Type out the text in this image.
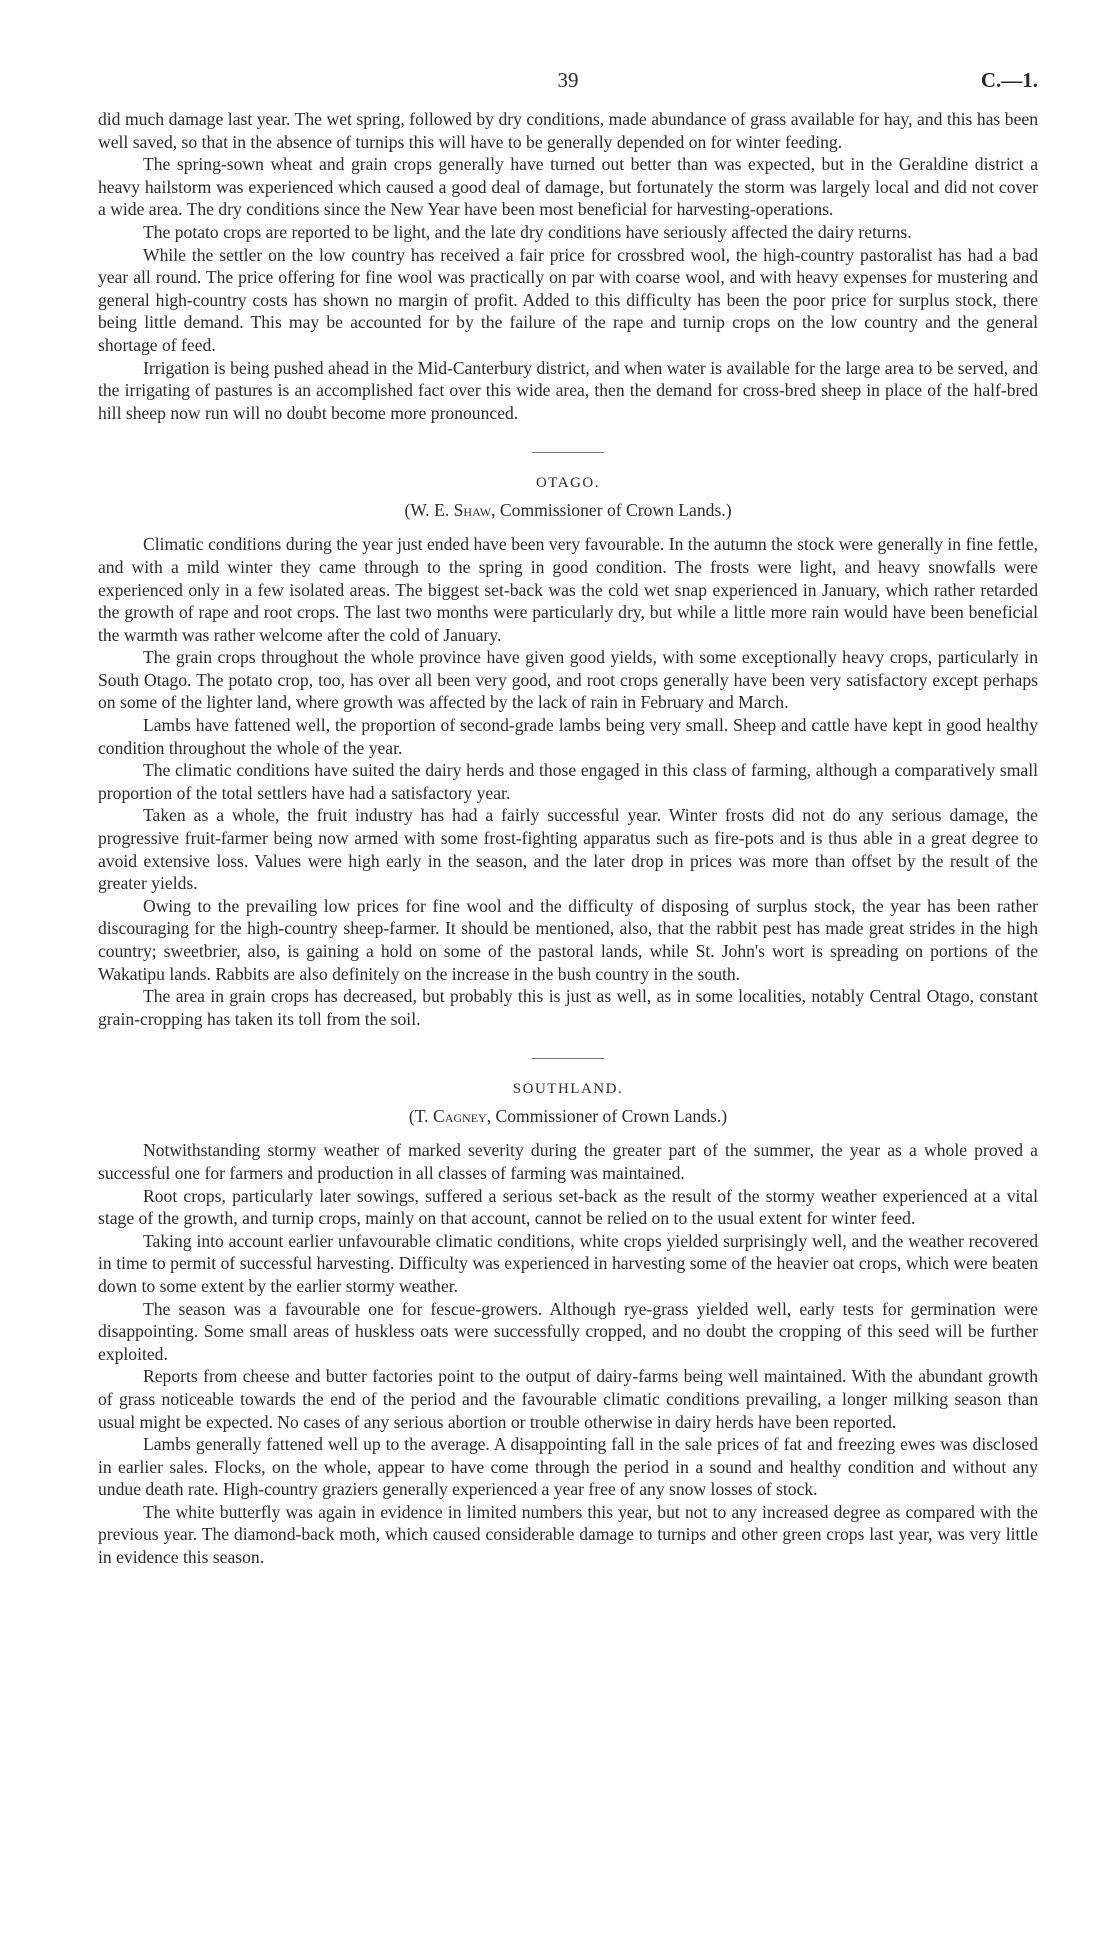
39	C.—1.

did much damage last year. The wet spring, followed by dry conditions, made abundance of grass available for hay, and this has been well saved, so that in the absence of turnips this will have to be generally depended on for winter feeding.

The spring-sown wheat and grain crops generally have turned out better than was expected, but in the Geraldine district a heavy hailstorm was experienced which caused a good deal of damage, but fortunately the storm was largely local and did not cover a wide area. The dry conditions since the New Year have been most beneficial for harvesting-operations.

The potato crops are reported to be light, and the late dry conditions have seriously affected the dairy returns.

While the settler on the low country has received a fair price for crossbred wool, the high-country pastoralist has had a bad year all round. The price offering for fine wool was practically on par with coarse wool, and with heavy expenses for mustering and general high-country costs has shown no margin of profit. Added to this difficulty has been the poor price for surplus stock, there being little demand. This may be accounted for by the failure of the rape and turnip crops on the low country and the general shortage of feed.

Irrigation is being pushed ahead in the Mid-Canterbury district, and when water is available for the large area to be served, and the irrigating of pastures is an accomplished fact over this wide area, then the demand for cross-bred sheep in place of the half-bred hill sheep now run will no doubt become more pronounced.

OTAGO.
(W. E. Shaw, Commissioner of Crown Lands.)

Climatic conditions during the year just ended have been very favourable. In the autumn the stock were generally in fine fettle, and with a mild winter they came through to the spring in good condition. The frosts were light, and heavy snowfalls were experienced only in a few isolated areas. The biggest set-back was the cold wet snap experienced in January, which rather retarded the growth of rape and root crops. The last two months were particularly dry, but while a little more rain would have been beneficial the warmth was rather welcome after the cold of January.

The grain crops throughout the whole province have given good yields, with some exceptionally heavy crops, particularly in South Otago. The potato crop, too, has over all been very good, and root crops generally have been very satisfactory except perhaps on some of the lighter land, where growth was affected by the lack of rain in February and March.

Lambs have fattened well, the proportion of second-grade lambs being very small. Sheep and cattle have kept in good healthy condition throughout the whole of the year.

The climatic conditions have suited the dairy herds and those engaged in this class of farming, although a comparatively small proportion of the total settlers have had a satisfactory year.

Taken as a whole, the fruit industry has had a fairly successful year. Winter frosts did not do any serious damage, the progressive fruit-farmer being now armed with some frost-fighting apparatus such as fire-pots and is thus able in a great degree to avoid extensive loss. Values were high early in the season, and the later drop in prices was more than offset by the result of the greater yields.

Owing to the prevailing low prices for fine wool and the difficulty of disposing of surplus stock, the year has been rather discouraging for the high-country sheep-farmer. It should be mentioned, also, that the rabbit pest has made great strides in the high country; sweetbrier, also, is gaining a hold on some of the pastoral lands, while St. John's wort is spreading on portions of the Wakatipu lands. Rabbits are also definitely on the increase in the bush country in the south.

The area in grain crops has decreased, but probably this is just as well, as in some localities, notably Central Otago, constant grain-cropping has taken its toll from the soil.

SOUTHLAND.
(T. Cagney, Commissioner of Crown Lands.)

Notwithstanding stormy weather of marked severity during the greater part of the summer, the year as a whole proved a successful one for farmers and production in all classes of farming was maintained.

Root crops, particularly later sowings, suffered a serious set-back as the result of the stormy weather experienced at a vital stage of the growth, and turnip crops, mainly on that account, cannot be relied on to the usual extent for winter feed.

Taking into account earlier unfavourable climatic conditions, white crops yielded surprisingly well, and the weather recovered in time to permit of successful harvesting. Difficulty was experienced in harvesting some of the heavier oat crops, which were beaten down to some extent by the earlier stormy weather.

The season was a favourable one for fescue-growers. Although rye-grass yielded well, early tests for germination were disappointing. Some small areas of huskless oats were successfully cropped, and no doubt the cropping of this seed will be further exploited.

Reports from cheese and butter factories point to the output of dairy-farms being well maintained. With the abundant growth of grass noticeable towards the end of the period and the favourable climatic conditions prevailing, a longer milking season than usual might be expected. No cases of any serious abortion or trouble otherwise in dairy herds have been reported.

Lambs generally fattened well up to the average. A disappointing fall in the sale prices of fat and freezing ewes was disclosed in earlier sales. Flocks, on the whole, appear to have come through the period in a sound and healthy condition and without any undue death rate. High-country graziers generally experienced a year free of any snow losses of stock.

The white butterfly was again in evidence in limited numbers this year, but not to any increased degree as compared with the previous year. The diamond-back moth, which caused considerable damage to turnips and other green crops last year, was very little in evidence this season.
